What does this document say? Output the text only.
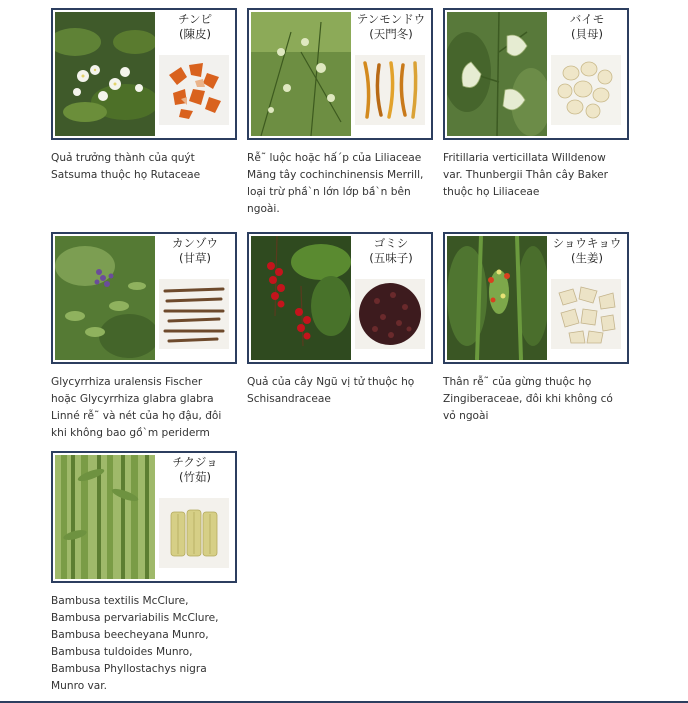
チンピ
(陳皮)
Quả trưởng thành của quýt
Satsuma thuộc họ Rutaceae
テンモンドウ
(天門冬)
Rễ˜ luộc hoặc hấ´p của Liliaceae
Măng tây cochinchinensis Merrill,
loại trừ phầ`n lớn lớp bầ`n bên
ngoài.
バイモ
(貝母)
Fritillaria verticillata Willdenow
var. Thunbergii Thân cây Baker
thuộc họ Liliaceae
カンゾウ
(甘草)
Glycyrrhiza uralensis Fischer
hoặc Glycyrrhiza glabra glabra
Linné rễ˜ và nét của họ đậu, đôi
khi không bao gồ`m periderm
ゴミシ
(五味子)
Quả của cây Ngũ vị tử thuộc họ
Schisandraceae
ショウキョウ
(生姜)
Thân rễ˜ của gừng thuộc họ
Zingiberaceae, đôi khi không có
vỏ ngoài
チクジョ
(竹茹)
Bambusa textilis McClure,
Bambusa pervariabilis McClure,
Bambusa beecheyana Munro,
Bambusa tuldoides Munro,
Bambusa Phyllostachys nigra
Munro var.
